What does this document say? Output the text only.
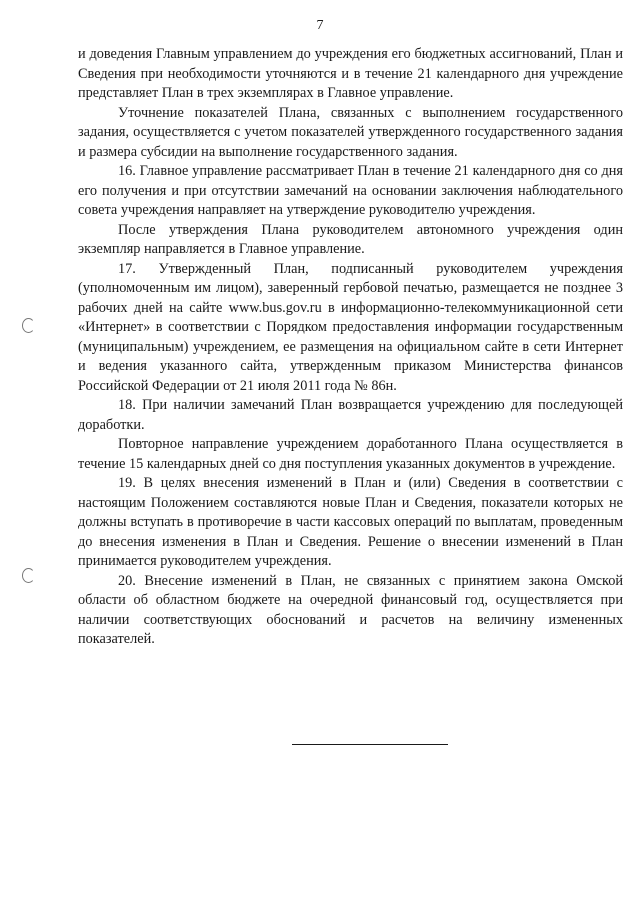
7

и доведения Главным управлением до учреждения его бюджетных ассигнований, План и Сведения при необходимости уточняются и в течение 21 календарного дня учреждение представляет План в трех экземплярах в Главное управление.

Уточнение показателей Плана, связанных с выполнением государственного задания, осуществляется с учетом показателей утвержденного государственного задания и размера субсидии на выполнение государственного задания.

16. Главное управление рассматривает План в течение 21 календарного дня со дня его получения и при отсутствии замечаний на основании заключения наблюдательного совета учреждения направляет на утверждение руководителю учреждения.

После утверждения Плана руководителем автономного учреждения один экземпляр направляется в Главное управление.

17. Утвержденный План, подписанный руководителем учреждения (уполномоченным им лицом), заверенный гербовой печатью, размещается не позднее 3 рабочих дней на сайте www.bus.gov.ru в информационно-телекоммуникационной сети «Интернет» в соответствии с Порядком предоставления информации государственным (муниципальным) учреждением, ее размещения на официальном сайте в сети Интернет и ведения указанного сайта, утвержденным приказом Министерства финансов Российской Федерации от 21 июля 2011 года № 86н.

18. При наличии замечаний План возвращается учреждению для последующей доработки.

Повторное направление учреждением доработанного Плана осуществляется в течение 15 календарных дней со дня поступления указанных документов в учреждение.

19. В целях внесения изменений в План и (или) Сведения в соответствии с настоящим Положением составляются новые План и Сведения, показатели которых не должны вступать в противоречие в части кассовых операций по выплатам, проведенным до внесения изменения в План и Сведения. Решение о внесении изменений в План принимается руководителем учреждения.

20. Внесение изменений в План, не связанных с принятием закона Омской области об областном бюджете на очередной финансовый год, осуществляется при наличии соответствующих обоснований и расчетов на величину измененных показателей.
